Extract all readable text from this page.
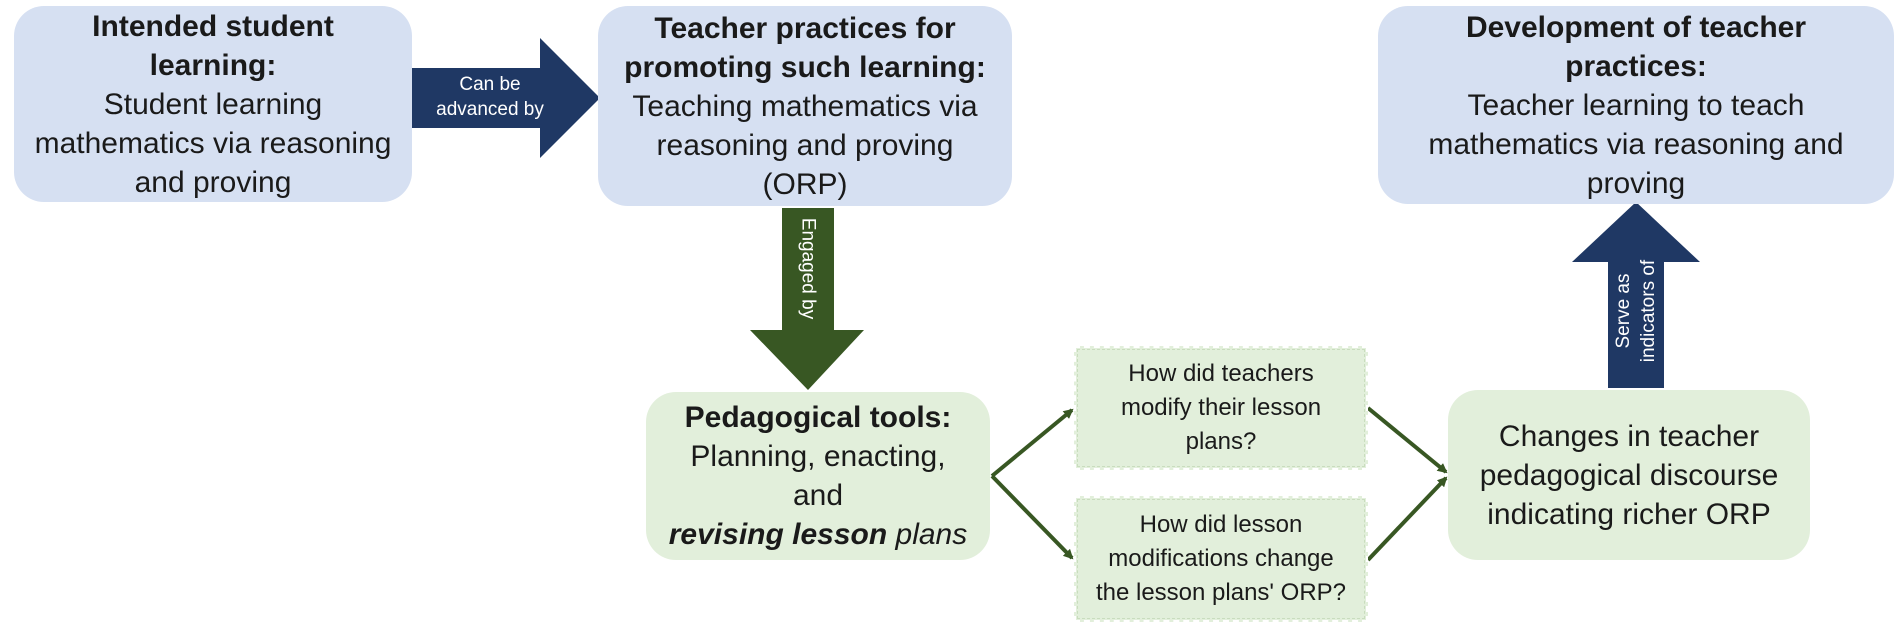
Can be
advanced by
Engaged by	Serve as indicators of
Intended student learning:
Student learning
mathematics via reasoning
and proving
Teacher practices for
promoting such learning:
Teaching mathematics via
reasoning and proving (ORP)
Development of teacher practices:
Teacher learning to teach
mathematics via reasoning and
proving
Pedagogical tools:
Planning, enacting, and
revising lesson plans
How did teachers
modify their lesson
plans?
How did lesson
modifications change
the lesson plans' ORP?
Changes in teacher
pedagogical discourse
indicating richer ORP
